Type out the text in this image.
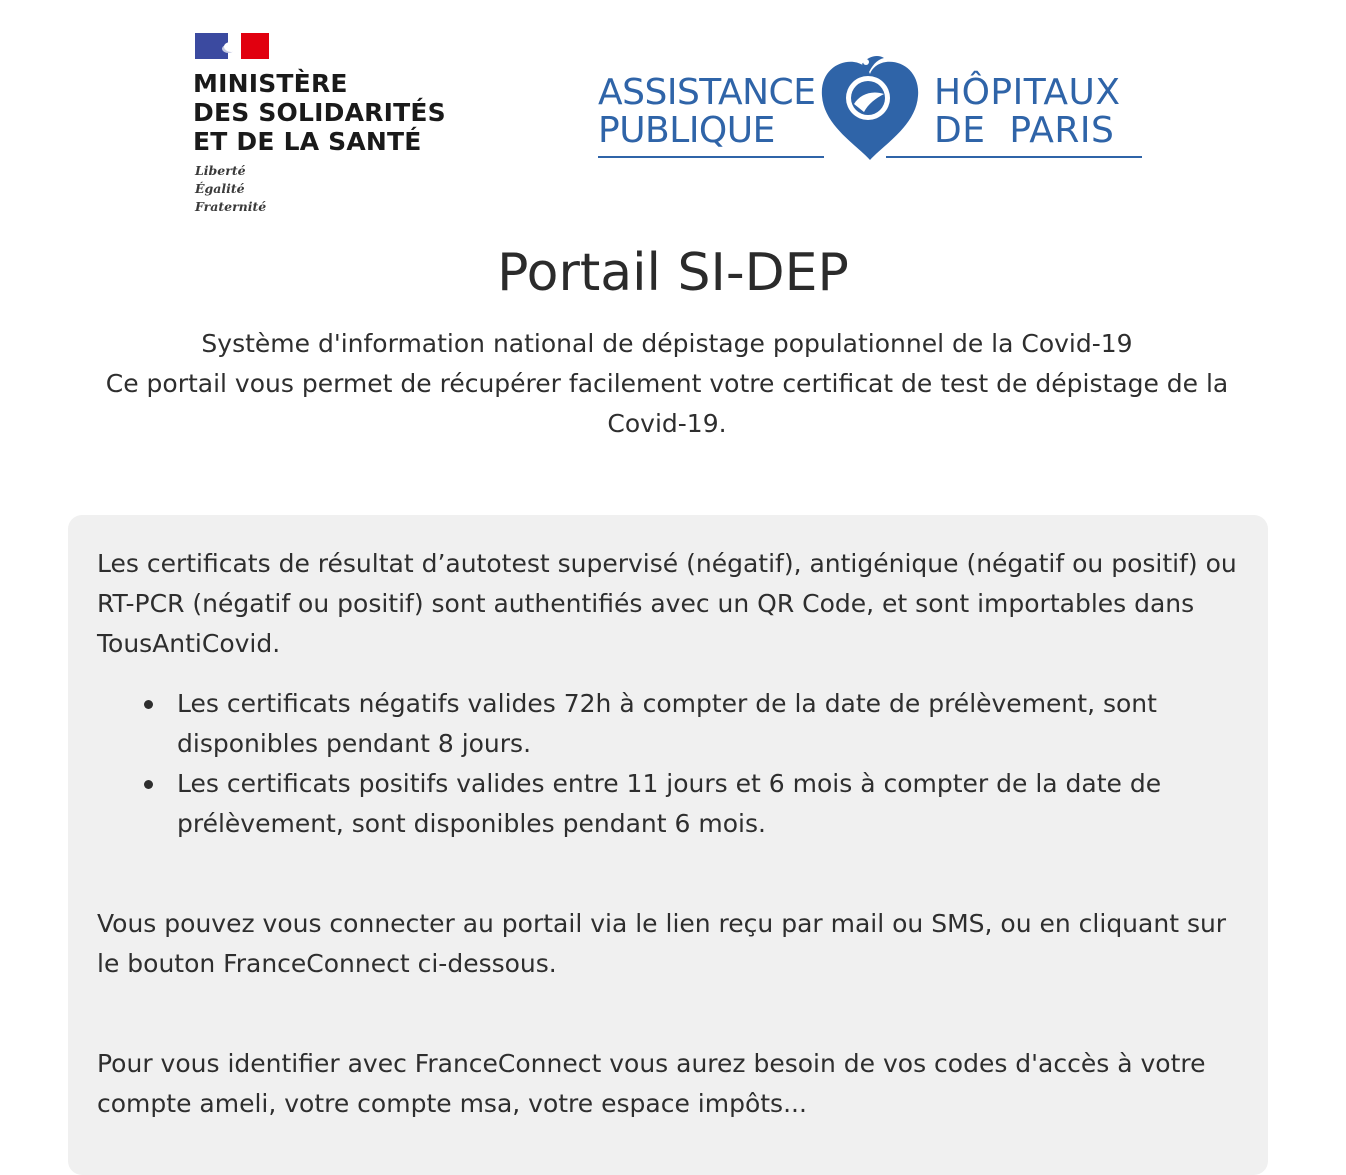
MINISTÈRE
DES SOLIDARITÉS
ET DE LA SANTÉ
Liberté
Égalité
Fraternité
ASSISTANCE
PUBLIQUE
HÔPITAUX
DE  PARIS
Portail SI-DEP

Système d'information national de dépistage populationnel de la Covid-19

Ce portail vous permet de récupérer facilement votre certificat de test de dépistage de la Covid-19.

Les certificats de résultat d’autotest supervisé (négatif), antigénique (négatif ou positif) ou RT-PCR (négatif ou positif) sont authentifiés avec un QR Code, et sont importables dans TousAntiCovid.

Les certificats négatifs valides 72h à compter de la date de prélèvement, sont disponibles pendant 8 jours.
Les certificats positifs valides entre 11 jours et 6 mois à compter de la date de prélèvement, sont disponibles pendant 6 mois.

Vous pouvez vous connecter au portail via le lien reçu par mail ou SMS, ou en cliquant sur le bouton FranceConnect ci-dessous.

Pour vous identifier avec FranceConnect vous aurez besoin de vos codes d'accès à votre compte ameli, votre compte msa, votre espace impôts...
